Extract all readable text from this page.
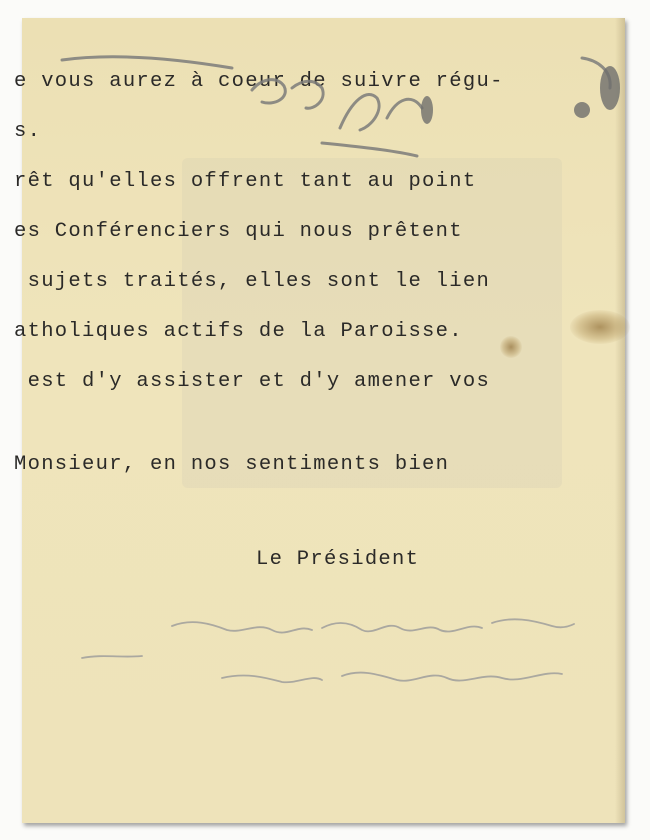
e vous aurez à coeur de suivre régu-
s.
rêt qu'elles offrent tant au point
es Conférenciers qui nous prêtent
sujets traités, elles sont le lien
atholiques actifs de la Paroisse.
est d'y assister et d'y amener vos
Monsieur, en nos sentiments bien
Le Président
